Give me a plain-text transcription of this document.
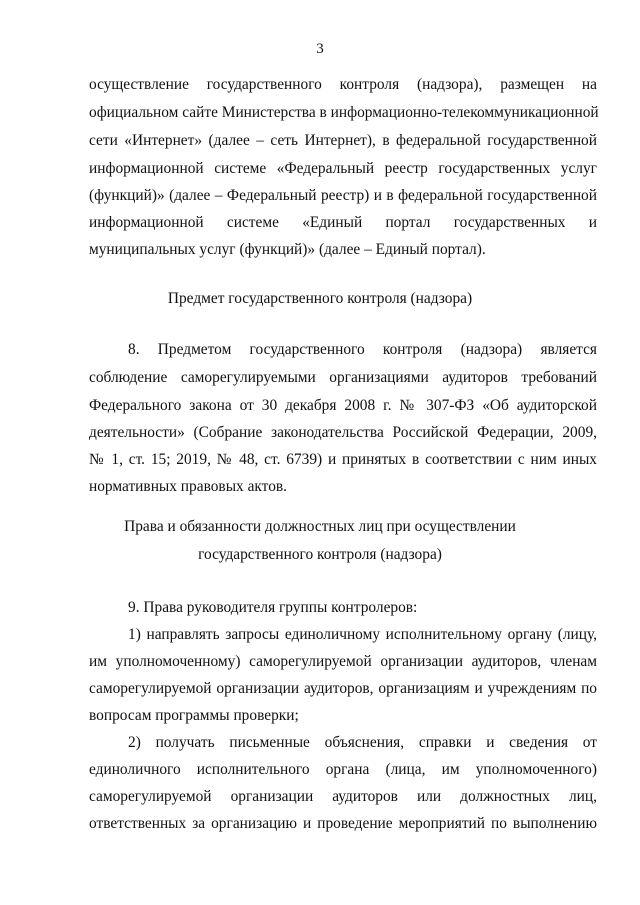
3
осуществление государственного контроля (надзора), размещен на
официальном сайте Министерства в информационно-телекоммуникационной
сети «Интернет» (далее – сеть Интернет), в федеральной государственной
информационной системе «Федеральный реестр государственных услуг
(функций)» (далее – Федеральный реестр) и в федеральной государственной
информационной системе «Единый портал государственных и
муниципальных услуг (функций)» (далее – Единый портал).
Предмет государственного контроля (надзора)
8. Предметом государственного контроля (надзора) является
соблюдение саморегулируемыми организациями аудиторов требований
Федерального закона от 30 декабря 2008 г. № 307-ФЗ «Об аудиторской
деятельности» (Собрание законодательства Российской Федерации, 2009,
№ 1, ст. 15; 2019, № 48, ст. 6739) и принятых в соответствии с ним иных
нормативных правовых актов.
Права и обязанности должностных лиц при осуществлении
государственного контроля (надзора)
9. Права руководителя группы контролеров:
1) направлять запросы единоличному исполнительному органу (лицу,
им уполномоченному) саморегулируемой организации аудиторов, членам
саморегулируемой организации аудиторов, организациям и учреждениям по
вопросам программы проверки;
2) получать письменные объяснения, справки и сведения от
единоличного исполнительного органа (лица, им уполномоченного)
саморегулируемой организации аудиторов или должностных лиц,
ответственных за организацию и проведение мероприятий по выполнению
